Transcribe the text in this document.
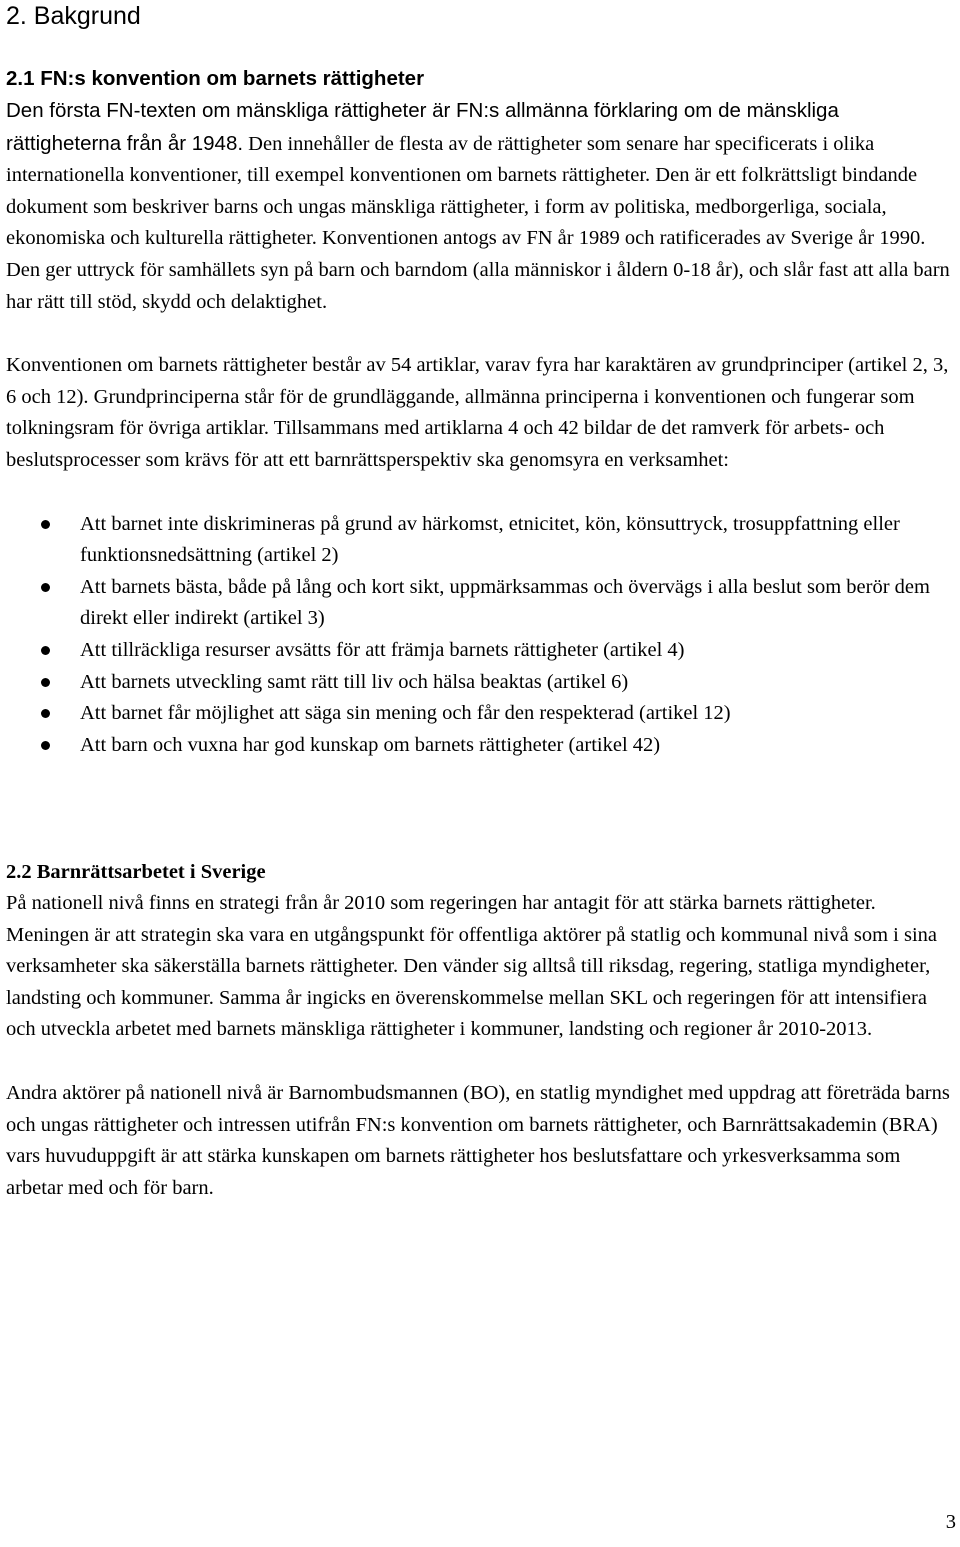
2. Bakgrund
2.1 FN:s konvention om barnets rättigheter

Den första FN-texten om mänskliga rättigheter är FN:s allmänna förklaring om de mänskliga rättigheterna från år 1948. Den innehåller de flesta av de rättigheter som senare har specificerats i olika internationella konventioner, till exempel konventionen om barnets rättigheter. Den är ett folkrättsligt bindande dokument som beskriver barns och ungas mänskliga rättigheter, i form av politiska, medborgerliga, sociala, ekonomiska och kulturella rättigheter. Konventionen antogs av FN år 1989 och ratificerades av Sverige år 1990. Den ger uttryck för samhällets syn på barn och barndom (alla människor i åldern 0-18 år), och slår fast att alla barn har rätt till stöd, skydd och delaktighet.

Konventionen om barnets rättigheter består av 54 artiklar, varav fyra har karaktären av grundprinciper (artikel 2, 3, 6 och 12). Grundprinciperna står för de grundläggande, allmänna principerna i konventionen och fungerar som tolkningsram för övriga artiklar. Tillsammans med artiklarna 4 och 42 bildar de det ramverk för arbets- och beslutsprocesser som krävs för att ett barnrättsperspektiv ska genomsyra en verksamhet:

Att barnet inte diskrimineras på grund av härkomst, etnicitet, kön, könsuttryck, trosuppfattning eller funktionsnedsättning (artikel 2)
Att barnets bästa, både på lång och kort sikt, uppmärksammas och övervägs i alla beslut som berör dem direkt eller indirekt (artikel 3)
Att tillräckliga resurser avsätts för att främja barnets rättigheter (artikel 4)
Att barnets utveckling samt rätt till liv och hälsa beaktas (artikel 6)
Att barnet får möjlighet att säga sin mening och får den respekterad (artikel 12)
Att barn och vuxna har god kunskap om barnets rättigheter (artikel 42)
2.2 Barnrättsarbetet i Sverige

På nationell nivå finns en strategi från år 2010 som regeringen har antagit för att stärka barnets rättigheter. Meningen är att strategin ska vara en utgångspunkt för offentliga aktörer på statlig och kommunal nivå som i sina verksamheter ska säkerställa barnets rättigheter. Den vänder sig alltså till riksdag, regering, statliga myndigheter, landsting och kommuner. Samma år ingicks en överenskommelse mellan SKL och regeringen för att intensifiera och utveckla arbetet med barnets mänskliga rättigheter i kommuner, landsting och regioner år 2010-2013.

Andra aktörer på nationell nivå är Barnombudsmannen (BO), en statlig myndighet med uppdrag att företräda barns och ungas rättigheter och intressen utifrån FN:s konvention om barnets rättigheter, och Barnrättsakademin (BRA) vars huvuduppgift är att stärka kunskapen om barnets rättigheter hos beslutsfattare och yrkesverksamma som arbetar med och för barn.

3
